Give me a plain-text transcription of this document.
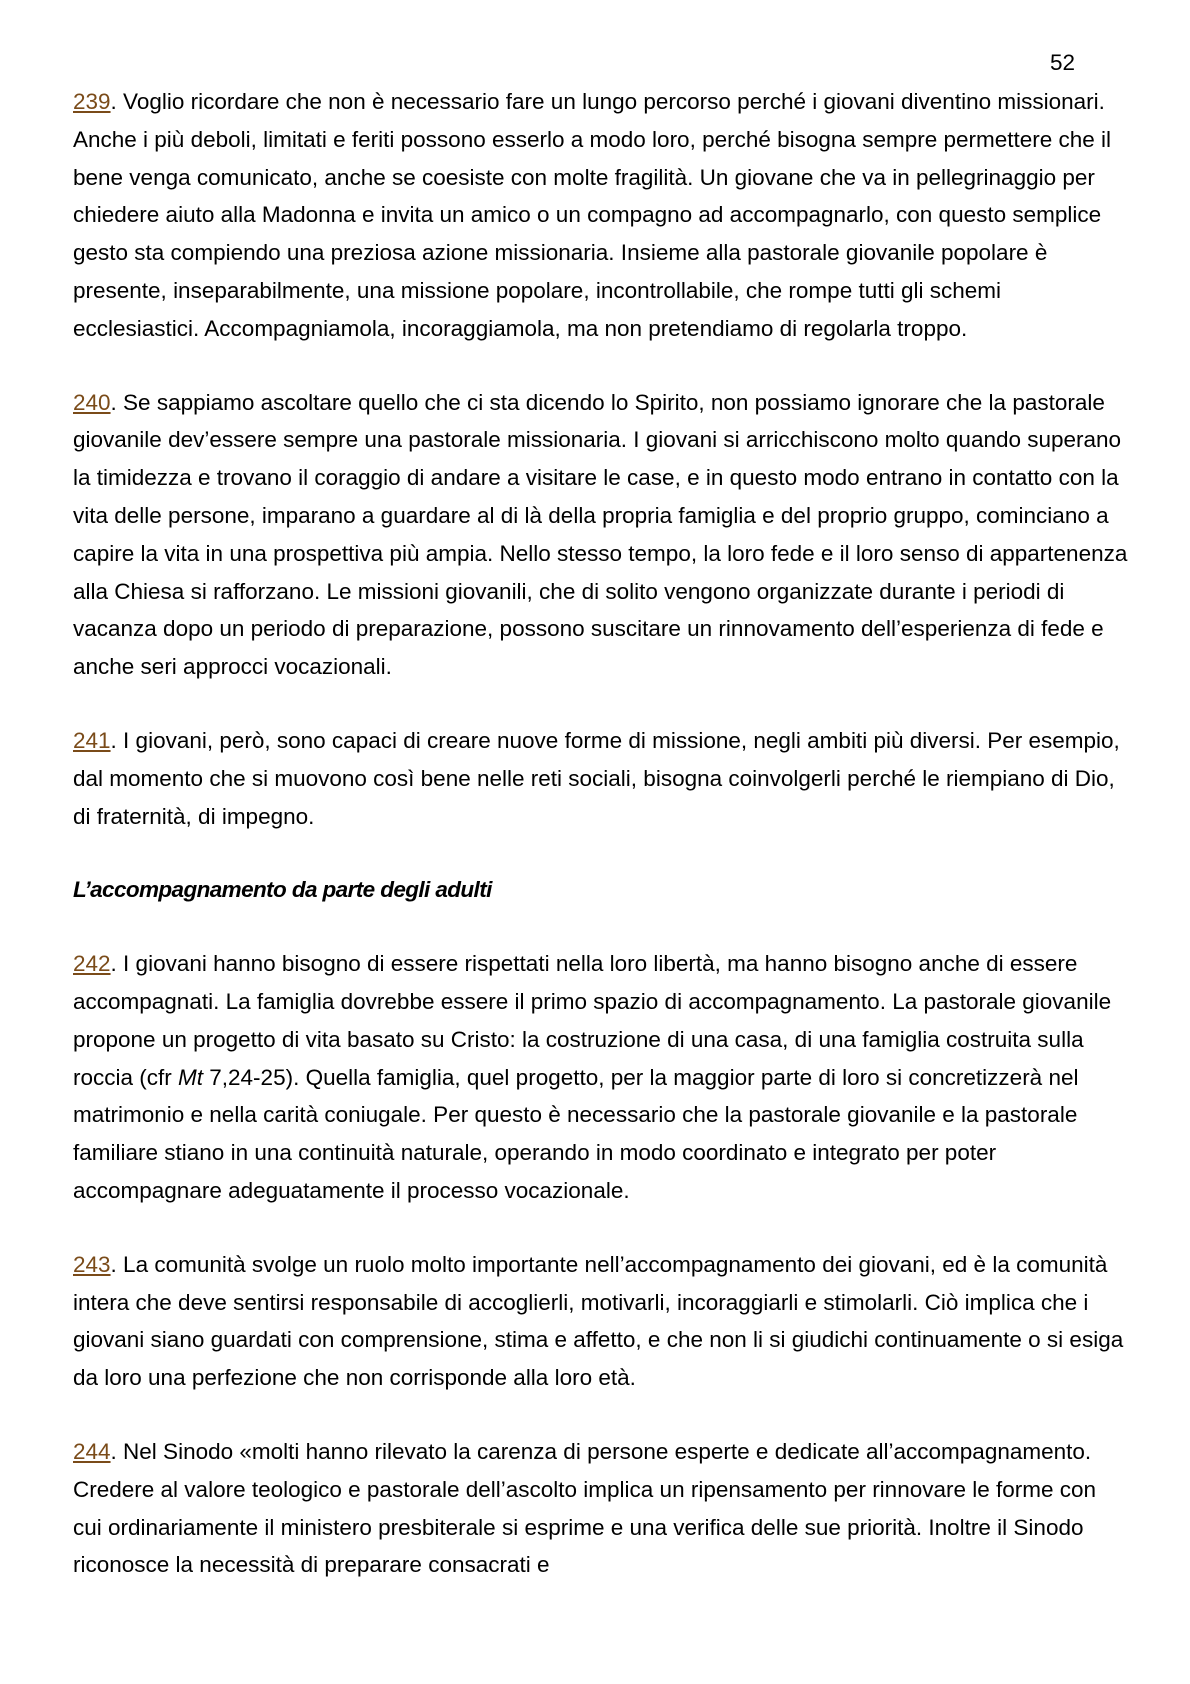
52

239. Voglio ricordare che non è necessario fare un lungo percorso perché i giovani diventino missionari. Anche i più deboli, limitati e feriti possono esserlo a modo loro, perché bisogna sempre permettere che il bene venga comunicato, anche se coesiste con molte fragilità. Un giovane che va in pellegrinaggio per chiedere aiuto alla Madonna e invita un amico o un compagno ad accompagnarlo, con questo semplice gesto sta compiendo una preziosa azione missionaria. Insieme alla pastorale giovanile popolare è presente, inseparabilmente, una missione popolare, incontrollabile, che rompe tutti gli schemi ecclesiastici. Accompagniamola, incoraggiamola, ma non pretendiamo di regolarla troppo.

240. Se sappiamo ascoltare quello che ci sta dicendo lo Spirito, non possiamo ignorare che la pastorale giovanile dev’essere sempre una pastorale missionaria. I giovani si arricchiscono molto quando superano la timidezza e trovano il coraggio di andare a visitare le case, e in questo modo entrano in contatto con la vita delle persone, imparano a guardare al di là della propria famiglia e del proprio gruppo, cominciano a capire la vita in una prospettiva più ampia. Nello stesso tempo, la loro fede e il loro senso di appartenenza alla Chiesa si rafforzano. Le missioni giovanili, che di solito vengono organizzate durante i periodi di vacanza dopo un periodo di preparazione, possono suscitare un rinnovamento dell’esperienza di fede e anche seri approcci vocazionali.

241. I giovani, però, sono capaci di creare nuove forme di missione, negli ambiti più diversi. Per esempio, dal momento che si muovono così bene nelle reti sociali, bisogna coinvolgerli perché le riempiano di Dio, di fraternità, di impegno.

L’accompagnamento da parte degli adulti

242. I giovani hanno bisogno di essere rispettati nella loro libertà, ma hanno bisogno anche di essere accompagnati. La famiglia dovrebbe essere il primo spazio di accompagnamento. La pastorale giovanile propone un progetto di vita basato su Cristo: la costruzione di una casa, di una famiglia costruita sulla roccia (cfr Mt 7,24-25). Quella famiglia, quel progetto, per la maggior parte di loro si concretizzerà nel matrimonio e nella carità coniugale. Per questo è necessario che la pastorale giovanile e la pastorale familiare stiano in una continuità naturale, operando in modo coordinato e integrato per poter accompagnare adeguatamente il processo vocazionale.

243. La comunità svolge un ruolo molto importante nell’accompagnamento dei giovani, ed è la comunità intera che deve sentirsi responsabile di accoglierli, motivarli, incoraggiarli e stimolarli. Ciò implica che i giovani siano guardati con comprensione, stima e affetto, e che non li si giudichi continuamente o si esiga da loro una perfezione che non corrisponde alla loro età.

244. Nel Sinodo «molti hanno rilevato la carenza di persone esperte e dedicate all’accompagnamento. Credere al valore teologico e pastorale dell’ascolto implica un ripensamento per rinnovare le forme con cui ordinariamente il ministero presbiterale si esprime e una verifica delle sue priorità. Inoltre il Sinodo riconosce la necessità di preparare consacrati e
